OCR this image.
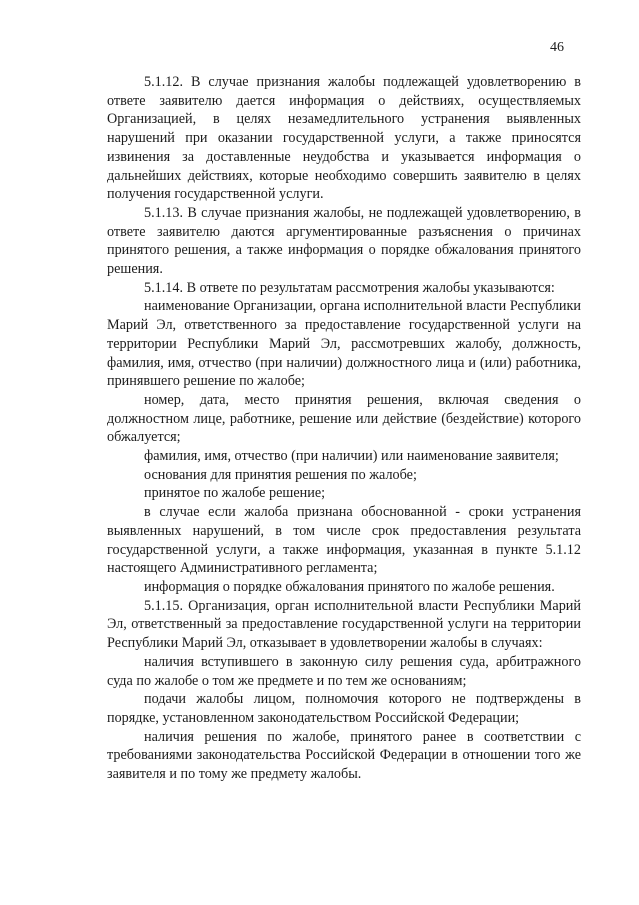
46

5.1.12. В случае признания жалобы подлежащей удовлетворению в ответе заявителю дается информация о действиях, осуществляемых Организацией, в целях незамедлительного устранения выявленных нарушений при оказании государственной услуги, а также приносятся извинения за доставленные неудобства и указывается информация о дальнейших действиях, которые необходимо совершить заявителю в целях получения государственной услуги.

5.1.13. В случае признания жалобы, не подлежащей удовлетворению, в ответе заявителю даются аргументированные разъяснения о причинах принятого решения, а также информация о порядке обжалования принятого решения.

5.1.14. В ответе по результатам рассмотрения жалобы указываются:

наименование Организации, органа исполнительной власти Республики Марий Эл, ответственного за предоставление государственной услуги на территории Республики Марий Эл, рассмотревших жалобу, должность, фамилия, имя, отчество (при наличии) должностного лица и (или) работника, принявшего решение по жалобе;

номер, дата, место принятия решения, включая сведения о должностном лице, работнике, решение или действие (бездействие) которого обжалуется;

фамилия, имя, отчество (при наличии) или наименование заявителя;

основания для принятия решения по жалобе;

принятое по жалобе решение;

в случае если жалоба признана обоснованной - сроки устранения выявленных нарушений, в том числе срок предоставления результата государственной услуги, а также информация, указанная в пункте 5.1.12 настоящего Административного регламента;

информация о порядке обжалования принятого по жалобе решения.

5.1.15. Организация, орган исполнительной власти Республики Марий Эл, ответственный за предоставление государственной услуги на территории Республики Марий Эл, отказывает в удовлетворении жалобы в случаях:

наличия вступившего в законную силу решения суда, арбитражного суда по жалобе о том же предмете и по тем же основаниям;

подачи жалобы лицом, полномочия которого не подтверждены в порядке, установленном законодательством Российской Федерации;

наличия решения по жалобе, принятого ранее в соответствии с требованиями законодательства Российской Федерации в отношении того же заявителя и по тому же предмету жалобы.
